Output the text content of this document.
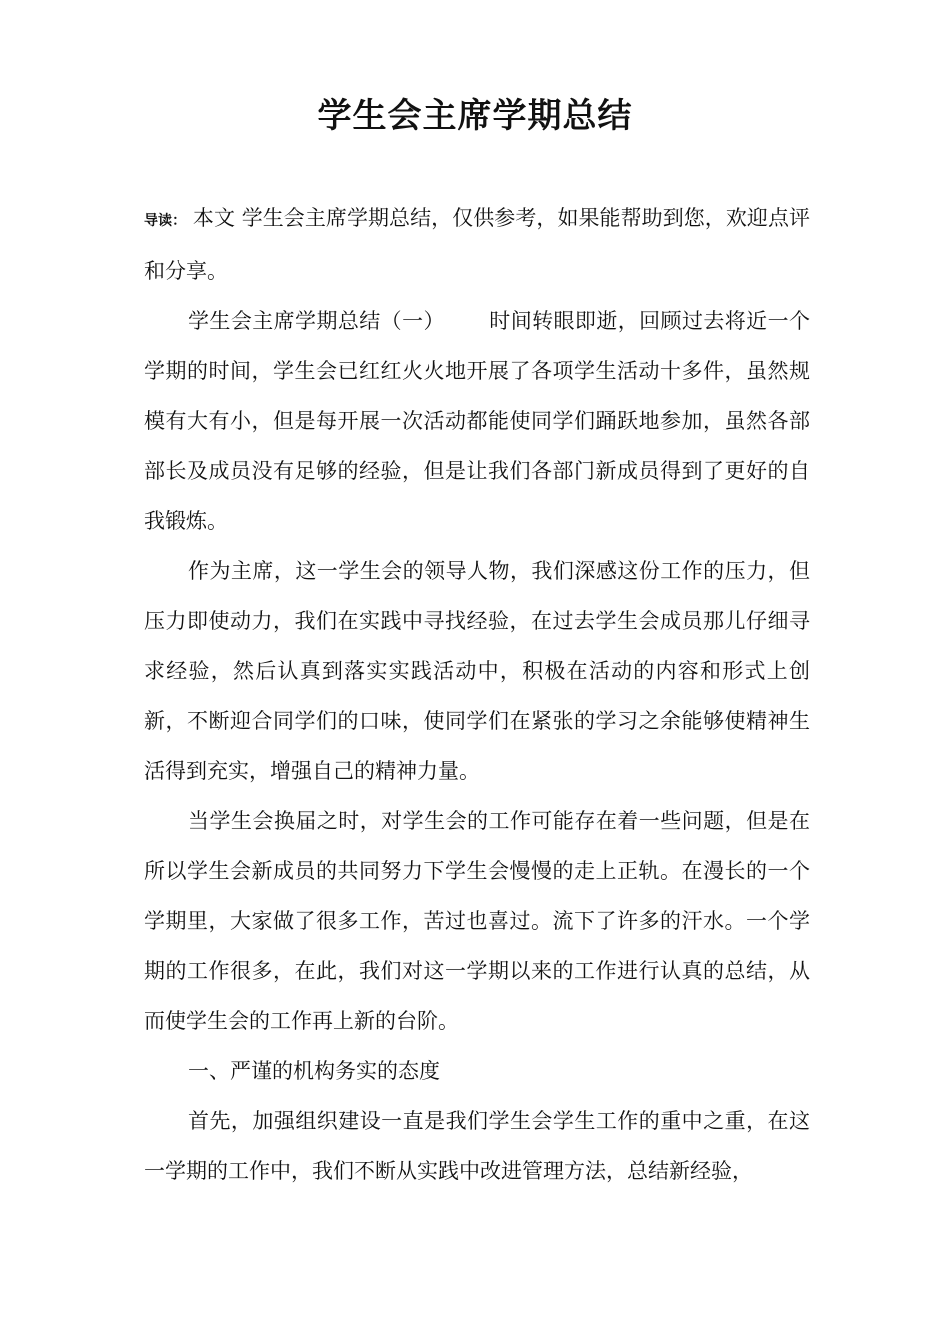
学生会主席学期总结

导读： 本文 学生会主席学期总结，仅供参考，如果能帮助到您，欢迎点评和分享。

学生会主席学期总结（一） 时间转眼即逝，回顾过去将近一个学期的时间，学生会已红红火火地开展了各项学生活动十多件，虽然规模有大有小，但是每开展一次活动都能使同学们踊跃地参加，虽然各部部长及成员没有足够的经验，但是让我们各部门新成员得到了更好的自我锻炼。

作为主席，这一学生会的领导人物，我们深感这份工作的压力，但压力即使动力，我们在实践中寻找经验，在过去学生会成员那儿仔细寻求经验，然后认真到落实实践活动中，积极在活动的内容和形式上创新，不断迎合同学们的口味，使同学们在紧张的学习之余能够使精神生活得到充实，增强自己的精神力量。

当学生会换届之时，对学生会的工作可能存在着一些问题，但是在所以学生会新成员的共同努力下学生会慢慢的走上正轨。在漫长的一个学期里，大家做了很多工作，苦过也喜过。流下了许多的汗水。一个学期的工作很多，在此，我们对这一学期以来的工作进行认真的总结，从而使学生会的工作再上新的台阶。

一、严谨的机构务实的态度

首先，加强组织建设一直是我们学生会学生工作的重中之重，在这一学期的工作中，我们不断从实践中改进管理方法，总结新经验，
